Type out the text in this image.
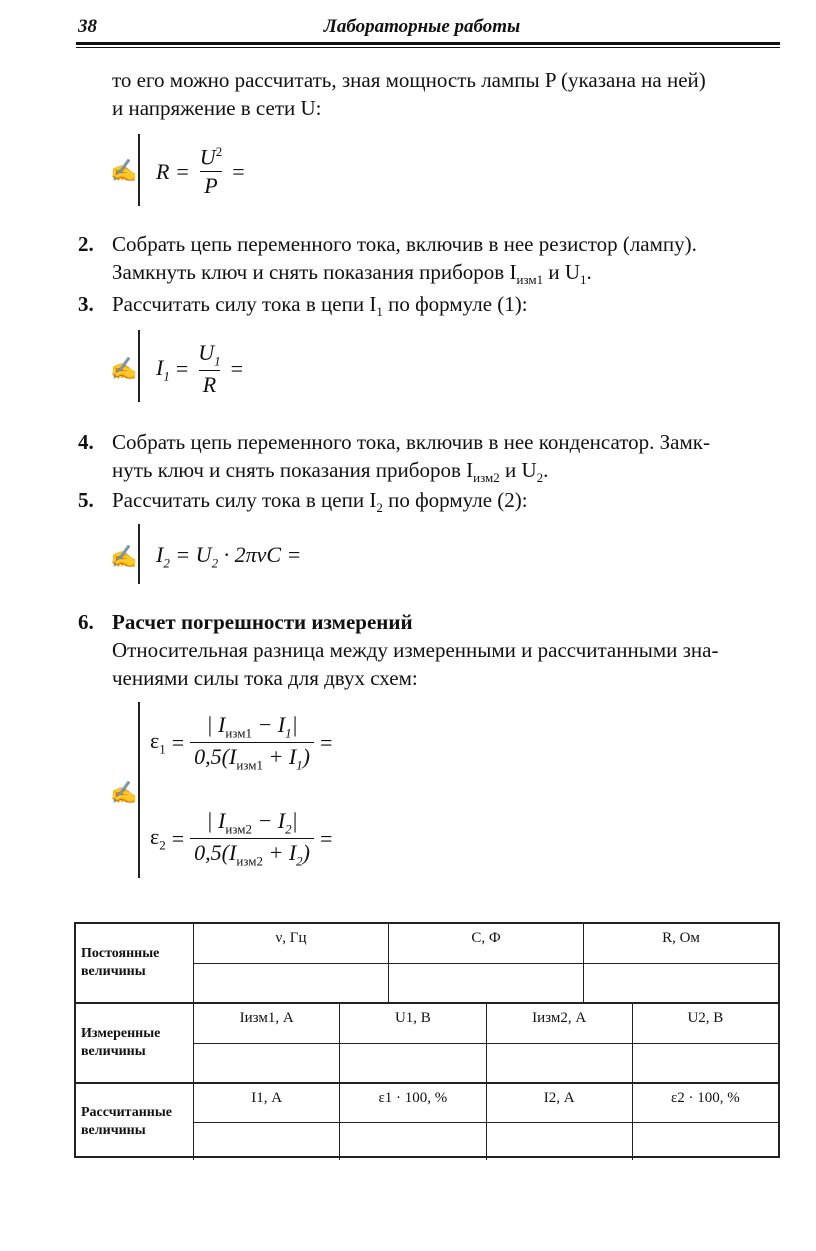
38	Лабораторные работы
то его можно рассчитать, зная мощность лампы P (указана на ней)
и напряжение в сети U:
✍ $R = \frac{U^2}{P}$ =
2. Собрать цепь переменного тока, включив в нее резистор (лампу).
Замкнуть ключ и снять показания приборов $I_{изм1}$ и $U_1$.
3. Рассчитать силу тока в цепи $I_1$ по формуле (1):
✍ $I_1 = \frac{U_1}{R}$ =
4. Собрать цепь переменного тока, включив в нее конденсатор. Замк-
нуть ключ и снять показания приборов $I_{изм2}$ и $U_2$.
5. Рассчитать силу тока в цепи $I_2$ по формуле (2):
✍ $I_2 = U_2 \cdot 2\pi\nu C$ =
6. Расчет погрешности измерений
Относительная разница между измеренными и рассчитанными зна-
чениями силы тока для двух схем:
✍
$\varepsilon_1 = \frac{| I_{изм1} - I_1|}{0,5(I_{изм1} + I_1)}$ =
$\varepsilon_2 = \frac{| I_{изм2} - I_2|}{0,5(I_{изм2} + I_2)}$ =
Постоянные величины
ν, Гц	C, Ф	R, Ом
Измеренные величины
Iизм1, А	U1, В	Iизм2, А	U2, В
Рассчитанные величины
I1, А	ε1 · 100, %	I2, А	ε2 · 100, %
